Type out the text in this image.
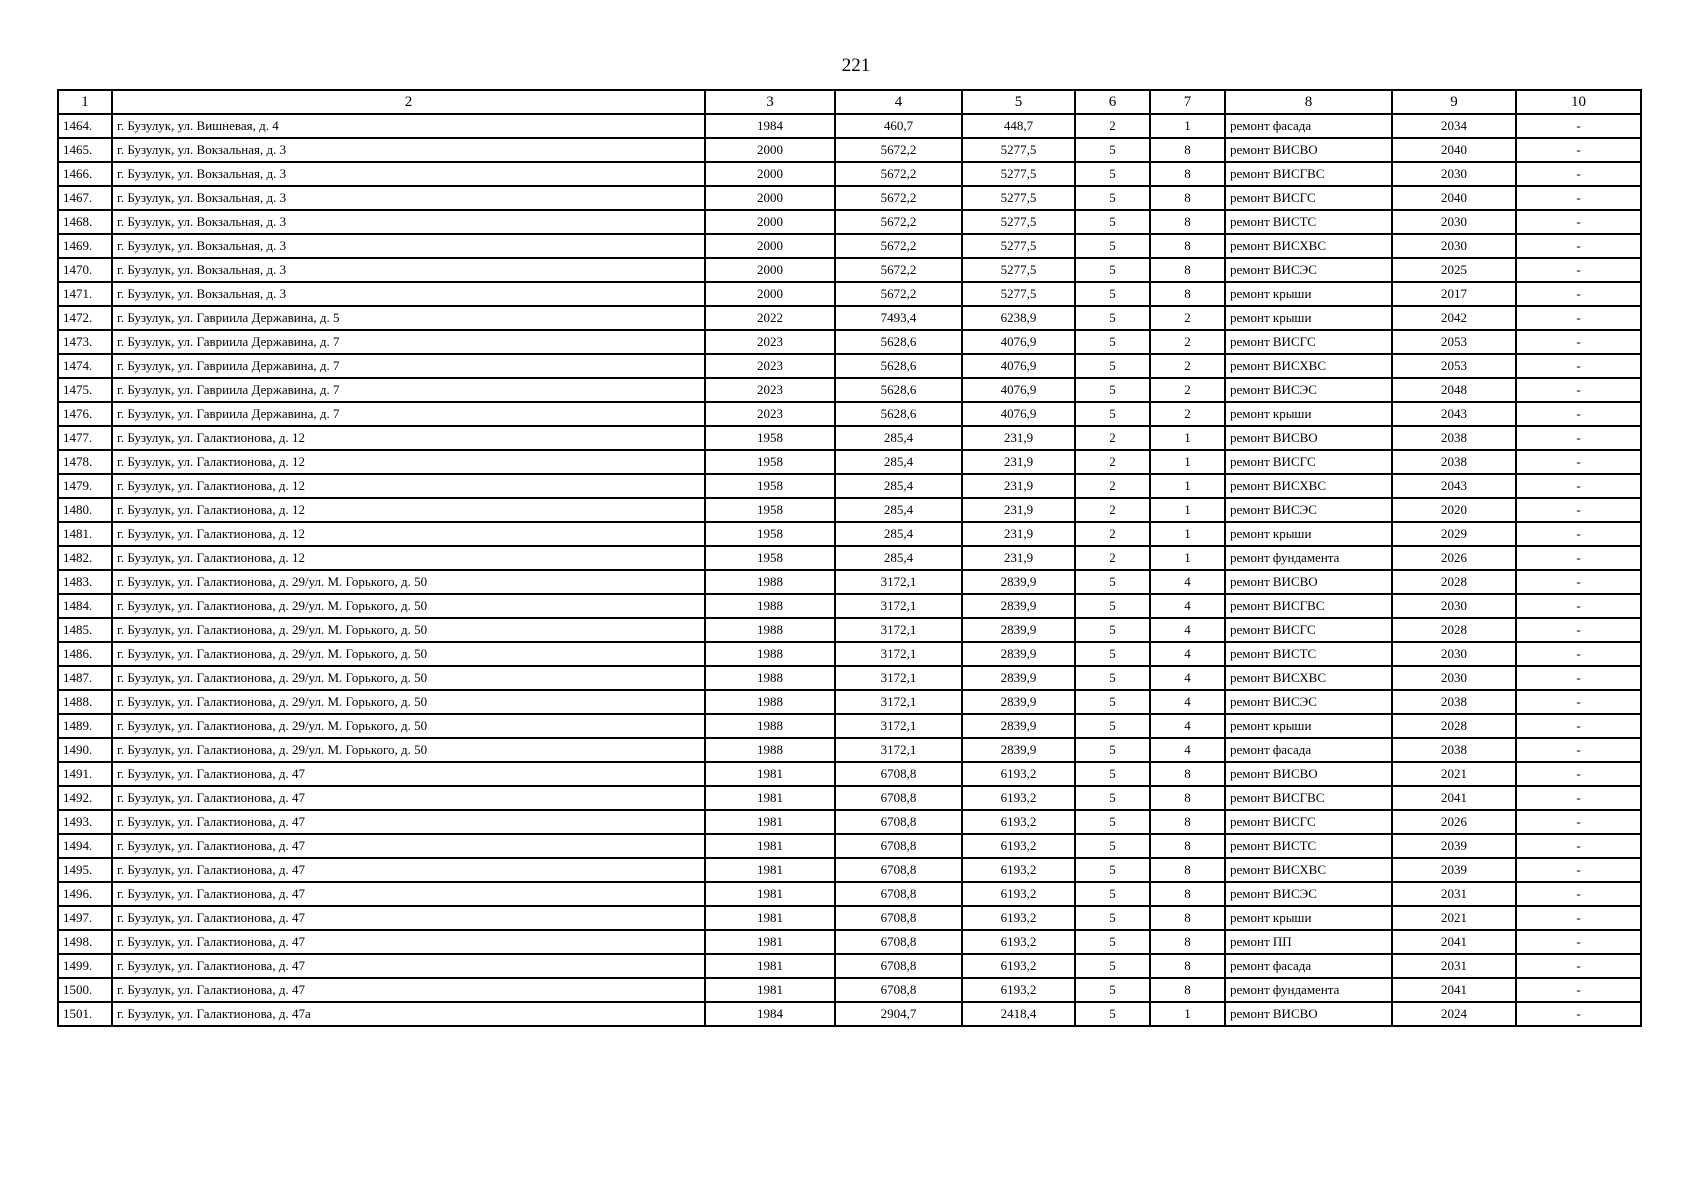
221
1	2	3	4	5	6	7	8	9	10
1464.	г. Бузулук, ул. Вишневая, д. 4	1984	460,7	448,7	2	1	ремонт фасада	2034	-
1465.	г. Бузулук, ул. Вокзальная, д. 3	2000	5672,2	5277,5	5	8	ремонт ВИСВО	2040	-
1466.	г. Бузулук, ул. Вокзальная, д. 3	2000	5672,2	5277,5	5	8	ремонт ВИСГВС	2030	-
1467.	г. Бузулук, ул. Вокзальная, д. 3	2000	5672,2	5277,5	5	8	ремонт ВИСГС	2040	-
1468.	г. Бузулук, ул. Вокзальная, д. 3	2000	5672,2	5277,5	5	8	ремонт ВИСТС	2030	-
1469.	г. Бузулук, ул. Вокзальная, д. 3	2000	5672,2	5277,5	5	8	ремонт ВИСХВС	2030	-
1470.	г. Бузулук, ул. Вокзальная, д. 3	2000	5672,2	5277,5	5	8	ремонт ВИСЭС	2025	-
1471.	г. Бузулук, ул. Вокзальная, д. 3	2000	5672,2	5277,5	5	8	ремонт крыши	2017	-
1472.	г. Бузулук, ул. Гавриила Державина, д. 5	2022	7493,4	6238,9	5	2	ремонт крыши	2042	-
1473.	г. Бузулук, ул. Гавриила Державина, д. 7	2023	5628,6	4076,9	5	2	ремонт ВИСГС	2053	-
1474.	г. Бузулук, ул. Гавриила Державина, д. 7	2023	5628,6	4076,9	5	2	ремонт ВИСХВС	2053	-
1475.	г. Бузулук, ул. Гавриила Державина, д. 7	2023	5628,6	4076,9	5	2	ремонт ВИСЭС	2048	-
1476.	г. Бузулук, ул. Гавриила Державина, д. 7	2023	5628,6	4076,9	5	2	ремонт крыши	2043	-
1477.	г. Бузулук, ул. Галактионова, д. 12	1958	285,4	231,9	2	1	ремонт ВИСВО	2038	-
1478.	г. Бузулук, ул. Галактионова, д. 12	1958	285,4	231,9	2	1	ремонт ВИСГС	2038	-
1479.	г. Бузулук, ул. Галактионова, д. 12	1958	285,4	231,9	2	1	ремонт ВИСХВС	2043	-
1480.	г. Бузулук, ул. Галактионова, д. 12	1958	285,4	231,9	2	1	ремонт ВИСЭС	2020	-
1481.	г. Бузулук, ул. Галактионова, д. 12	1958	285,4	231,9	2	1	ремонт крыши	2029	-
1482.	г. Бузулук, ул. Галактионова, д. 12	1958	285,4	231,9	2	1	ремонт фундамента	2026	-
1483.	г. Бузулук, ул. Галактионова, д. 29/ул. М. Горького, д. 50	1988	3172,1	2839,9	5	4	ремонт ВИСВО	2028	-
1484.	г. Бузулук, ул. Галактионова, д. 29/ул. М. Горького, д. 50	1988	3172,1	2839,9	5	4	ремонт ВИСГВС	2030	-
1485.	г. Бузулук, ул. Галактионова, д. 29/ул. М. Горького, д. 50	1988	3172,1	2839,9	5	4	ремонт ВИСГС	2028	-
1486.	г. Бузулук, ул. Галактионова, д. 29/ул. М. Горького, д. 50	1988	3172,1	2839,9	5	4	ремонт ВИСТС	2030	-
1487.	г. Бузулук, ул. Галактионова, д. 29/ул. М. Горького, д. 50	1988	3172,1	2839,9	5	4	ремонт ВИСХВС	2030	-
1488.	г. Бузулук, ул. Галактионова, д. 29/ул. М. Горького, д. 50	1988	3172,1	2839,9	5	4	ремонт ВИСЭС	2038	-
1489.	г. Бузулук, ул. Галактионова, д. 29/ул. М. Горького, д. 50	1988	3172,1	2839,9	5	4	ремонт крыши	2028	-
1490.	г. Бузулук, ул. Галактионова, д. 29/ул. М. Горького, д. 50	1988	3172,1	2839,9	5	4	ремонт фасада	2038	-
1491.	г. Бузулук, ул. Галактионова, д. 47	1981	6708,8	6193,2	5	8	ремонт ВИСВО	2021	-
1492.	г. Бузулук, ул. Галактионова, д. 47	1981	6708,8	6193,2	5	8	ремонт ВИСГВС	2041	-
1493.	г. Бузулук, ул. Галактионова, д. 47	1981	6708,8	6193,2	5	8	ремонт ВИСГС	2026	-
1494.	г. Бузулук, ул. Галактионова, д. 47	1981	6708,8	6193,2	5	8	ремонт ВИСТС	2039	-
1495.	г. Бузулук, ул. Галактионова, д. 47	1981	6708,8	6193,2	5	8	ремонт ВИСХВС	2039	-
1496.	г. Бузулук, ул. Галактионова, д. 47	1981	6708,8	6193,2	5	8	ремонт ВИСЭС	2031	-
1497.	г. Бузулук, ул. Галактионова, д. 47	1981	6708,8	6193,2	5	8	ремонт крыши	2021	-
1498.	г. Бузулук, ул. Галактионова, д. 47	1981	6708,8	6193,2	5	8	ремонт ПП	2041	-
1499.	г. Бузулук, ул. Галактионова, д. 47	1981	6708,8	6193,2	5	8	ремонт фасада	2031	-
1500.	г. Бузулук, ул. Галактионова, д. 47	1981	6708,8	6193,2	5	8	ремонт фундамента	2041	-
1501.	г. Бузулук, ул. Галактионова, д. 47а	1984	2904,7	2418,4	5	1	ремонт ВИСВО	2024	-
